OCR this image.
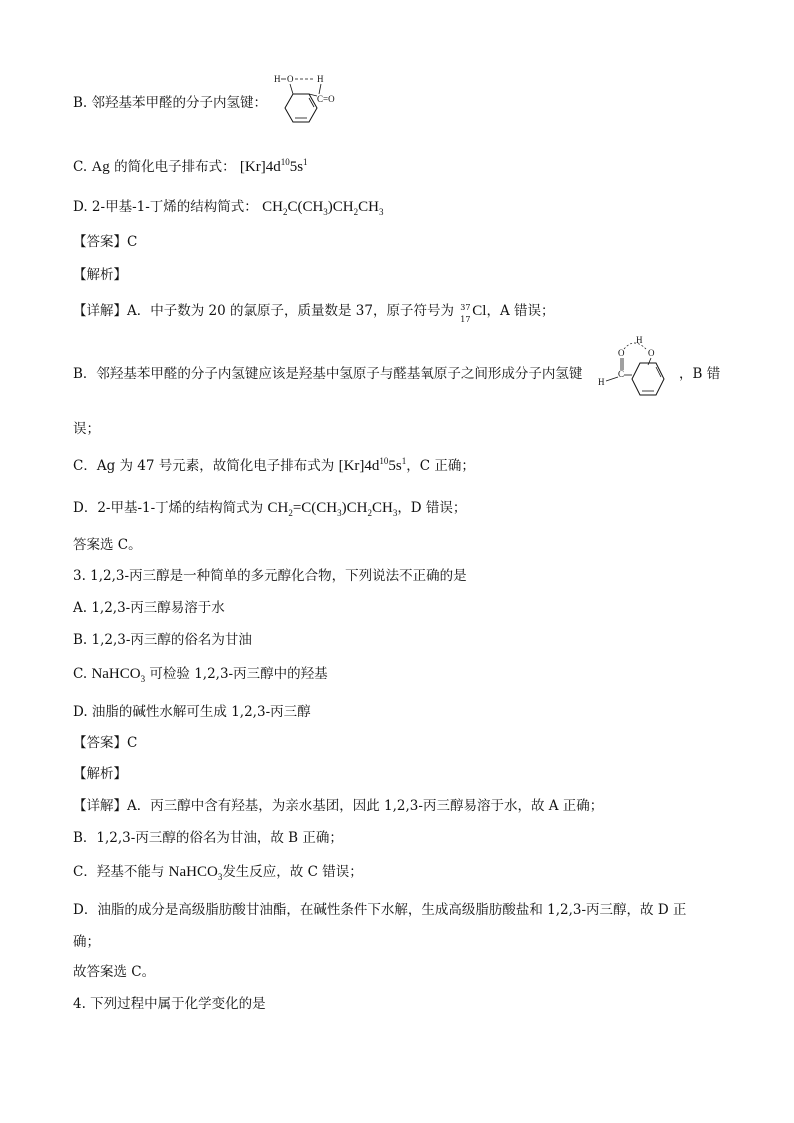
B. 邻羟基苯甲醛的分子内氢键：
H O	H
C=O
C. Ag 的简化电子排布式： $[Kr]4d^{10}5s^1$
D. 2-甲基-1-丁烯的结构简式： $CH_2C(CH_3)CH_2CH_3$
【答案】C
【解析】
【详解】A．中子数为 20 的氯原子，质量数是 37，原子符号为 37
17 Cl，A 错误；
B．邻羟基苯甲醛的分子内氢键应该是羟基中氢原子与醛基氧原子之间形成分子内氢键
H
O	O
C
H	，B 错
误；
C．Ag 为 47 号元素，故简化电子排布式为 $[Kr]4d^{10}5s^1$，C 正确；
D．2-甲基-1-丁烯的结构简式为 $CH_2=C(CH_3)CH_2CH_3$，D 错误；
答案选 C。
3. 1,2,3-丙三醇是一种简单的多元醇化合物，下列说法不正确的是
A. 1,2,3-丙三醇易溶于水
B. 1,2,3-丙三醇的俗名为甘油
C. NaHCO$_3$ 可检验 1,2,3-丙三醇中的羟基
D. 油脂的碱性水解可生成 1,2,3-丙三醇
【答案】C
【解析】
【详解】A．丙三醇中含有羟基，为亲水基团，因此 1,2,3-丙三醇易溶于水，故 A 正确；
B．1,2,3-丙三醇的俗名为甘油，故 B 正确；
C．羟基不能与 NaHCO$_3$发生反应，故 C 错误；
D．油脂的成分是高级脂肪酸甘油酯，在碱性条件下水解，生成高级脂肪酸盐和 1,2,3-丙三醇，故 D 正
确；
故答案选 C。
4. 下列过程中属于化学变化的是
